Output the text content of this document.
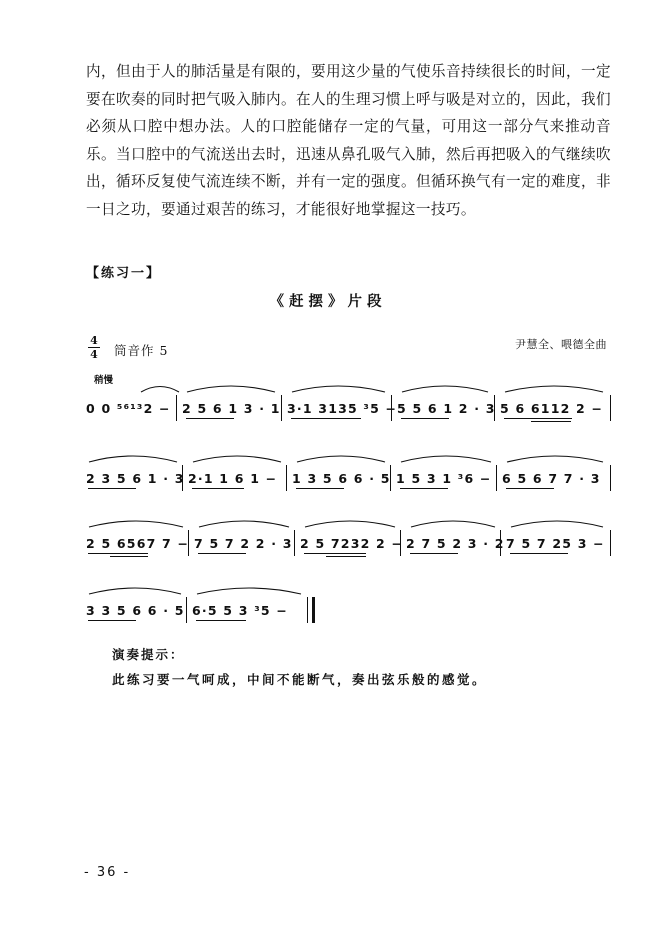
内，但由于人的肺活量是有限的，要用这少量的气使乐音持续很长的时间，一定要在吹奏的同时把气吸入肺内。在人的生理习惯上呼与吸是对立的，因此，我们必须从口腔中想办法。人的口腔能储存一定的气量，可用这一部分气来推动音乐。当口腔中的气流送出去时，迅速从鼻孔吸气入肺，然后再把吸入的气继续吹出，循环反复使气流连续不断，并有一定的强度。但循环换气有一定的难度，非一日之功，要通过艰苦的练习，才能很好地掌握这一技巧。
【练习一】
《赶摆》片段
4
4 筒音作 5	尹慧全、喂德全曲
稍慢
0 0 ⁵⁶¹³2 − 2 5 6 1 3 · 1 3·1 3135 ³5 − 5 5 6 1 2 · 3 5 6 6112 2 −
2 3 5 6 1 · 3 2·1 1 6 1 − 1 3 5 6 6 · 5 1 5 3 1 ³6 − 6 5 6 7 7 · 3
2 5 6567 7 − 7 5 7 2 2 · 3 2 5 7232 2 − 2 7 5 2 3 · 2 7 5 7 25 3 −
3 3 5 6 6 · 5 6·5 5 3 ³5 −
演奏提示：
此练习要一气呵成，中间不能断气，奏出弦乐般的感觉。
- 36 -
